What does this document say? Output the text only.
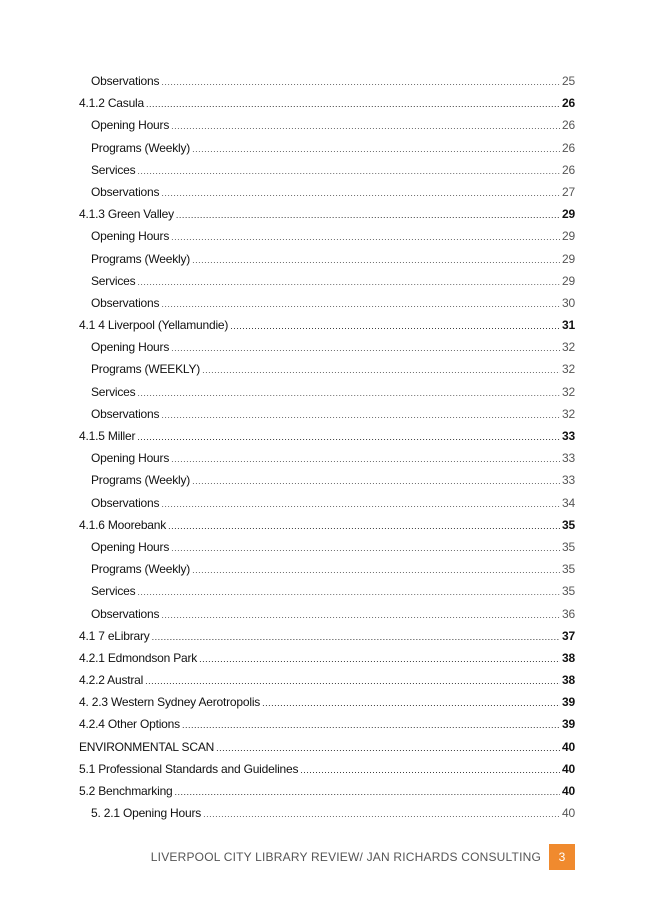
Observations .....	25
4.1.2 Casula .....	26
Opening Hours .....	26
Programs (Weekly) .....	26
Services .....	26
Observations .....	27
4.1.3 Green Valley .....	29
Opening Hours .....	29
Programs (Weekly) .....	29
Services .....	29
Observations .....	30
4.1 4 Liverpool (Yellamundie) .....	31
Opening Hours .....	32
Programs (WEEKLY) .....	32
Services .....	32
Observations .....	32
4.1.5 Miller .....	33
Opening Hours .....	33
Programs (Weekly) .....	33
Observations .....	34
4.1.6 Moorebank .....	35
Opening Hours .....	35
Programs (Weekly) .....	35
Services .....	35
Observations .....	36
4.1 7 eLibrary .....	37
4.2.1 Edmondson Park .....	38
4.2.2 Austral .....	38
4. 2.3 Western Sydney Aerotropolis .....	39
4.2.4 Other Options .....	39
ENVIRONMENTAL SCAN .....	40
5.1 Professional Standards and Guidelines .....	40
5.2 Benchmarking .....	40
5. 2.1 Opening Hours .....	40
LIVERPOOL CITY LIBRARY REVIEW/ JAN RICHARDS CONSULTING	3
